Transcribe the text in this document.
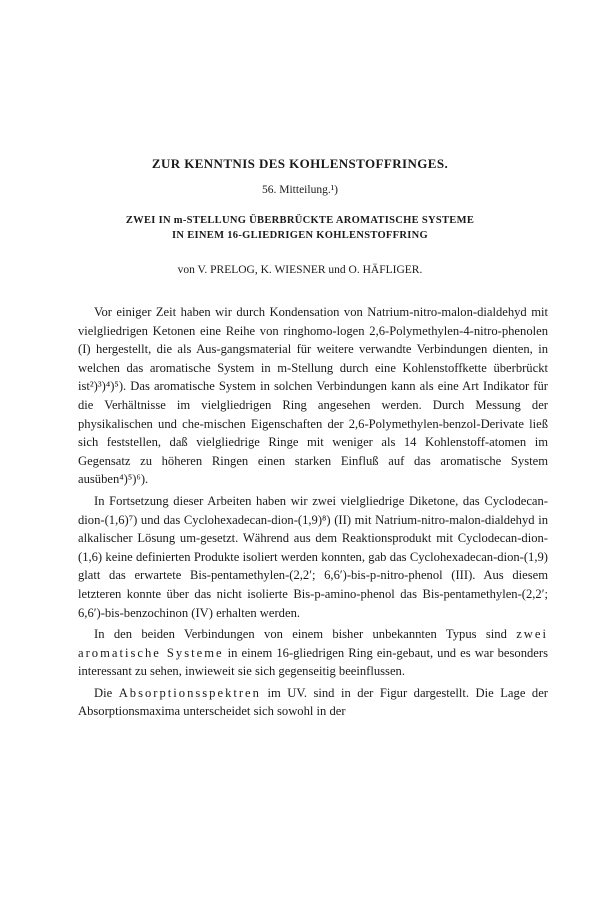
ZUR KENNTNIS DES KOHLENSTOFFRINGES.
56. Mitteilung.¹)
ZWEI IN m-STELLUNG ÜBERBRÜCKTE AROMATISCHE SYSTEME
IN EINEM 16-GLIEDRIGEN KOHLENSTOFFRING
von V. PRELOG, K. WIESNER und O. HÄFLIGER.

Vor einiger Zeit haben wir durch Kondensation von Natrium-nitro-malon-dialdehyd mit vielgliedrigen Ketonen eine Reihe von ringhomo-logen 2,6-Polymethylen-4-nitro-phenolen (I) hergestellt, die als Aus-gangsmaterial für weitere verwandte Verbindungen dienten, in welchen das aromatische System in m-Stellung durch eine Kohlenstoffkette überbrückt ist²)³)⁴)⁵). Das aromatische System in solchen Verbindungen kann als eine Art Indikator für die Verhältnisse im vielgliedrigen Ring angesehen werden. Durch Messung der physikalischen und che-mischen Eigenschaften der 2,6-Polymethylen-benzol-Derivate ließ sich feststellen, daß vielgliedrige Ringe mit weniger als 14 Kohlenstoff-atomen im Gegensatz zu höheren Ringen einen starken Einfluß auf das aromatische System ausüben⁴)⁵)⁶).

In Fortsetzung dieser Arbeiten haben wir zwei vielgliedrige Diketone, das Cyclodecan-dion-(1,6)⁷) und das Cyclohexadecan-dion-(1,9)⁸) (II) mit Natrium-nitro-malon-dialdehyd in alkalischer Lösung um-gesetzt. Während aus dem Reaktionsprodukt mit Cyclodecan-dion-(1,6) keine definierten Produkte isoliert werden konnten, gab das Cyclohexadecan-dion-(1,9) glatt das erwartete Bis-pentamethylen-(2,2′; 6,6′)-bis-p-nitro-phenol (III). Aus diesem letzteren konnte über das nicht isolierte Bis-p-amino-phenol das Bis-pentamethylen-(2,2′; 6,6′)-bis-benzochinon (IV) erhalten werden.

In den beiden Verbindungen von einem bisher unbekannten Typus sind zwei aromatische Systeme in einem 16-gliedrigen Ring ein-gebaut, und es war besonders interessant zu sehen, inwieweit sie sich gegenseitig beeinflussen.

Die Absorptionsspektren im UV. sind in der Figur dargestellt. Die Lage der Absorptionsmaxima unterscheidet sich sowohl in der
